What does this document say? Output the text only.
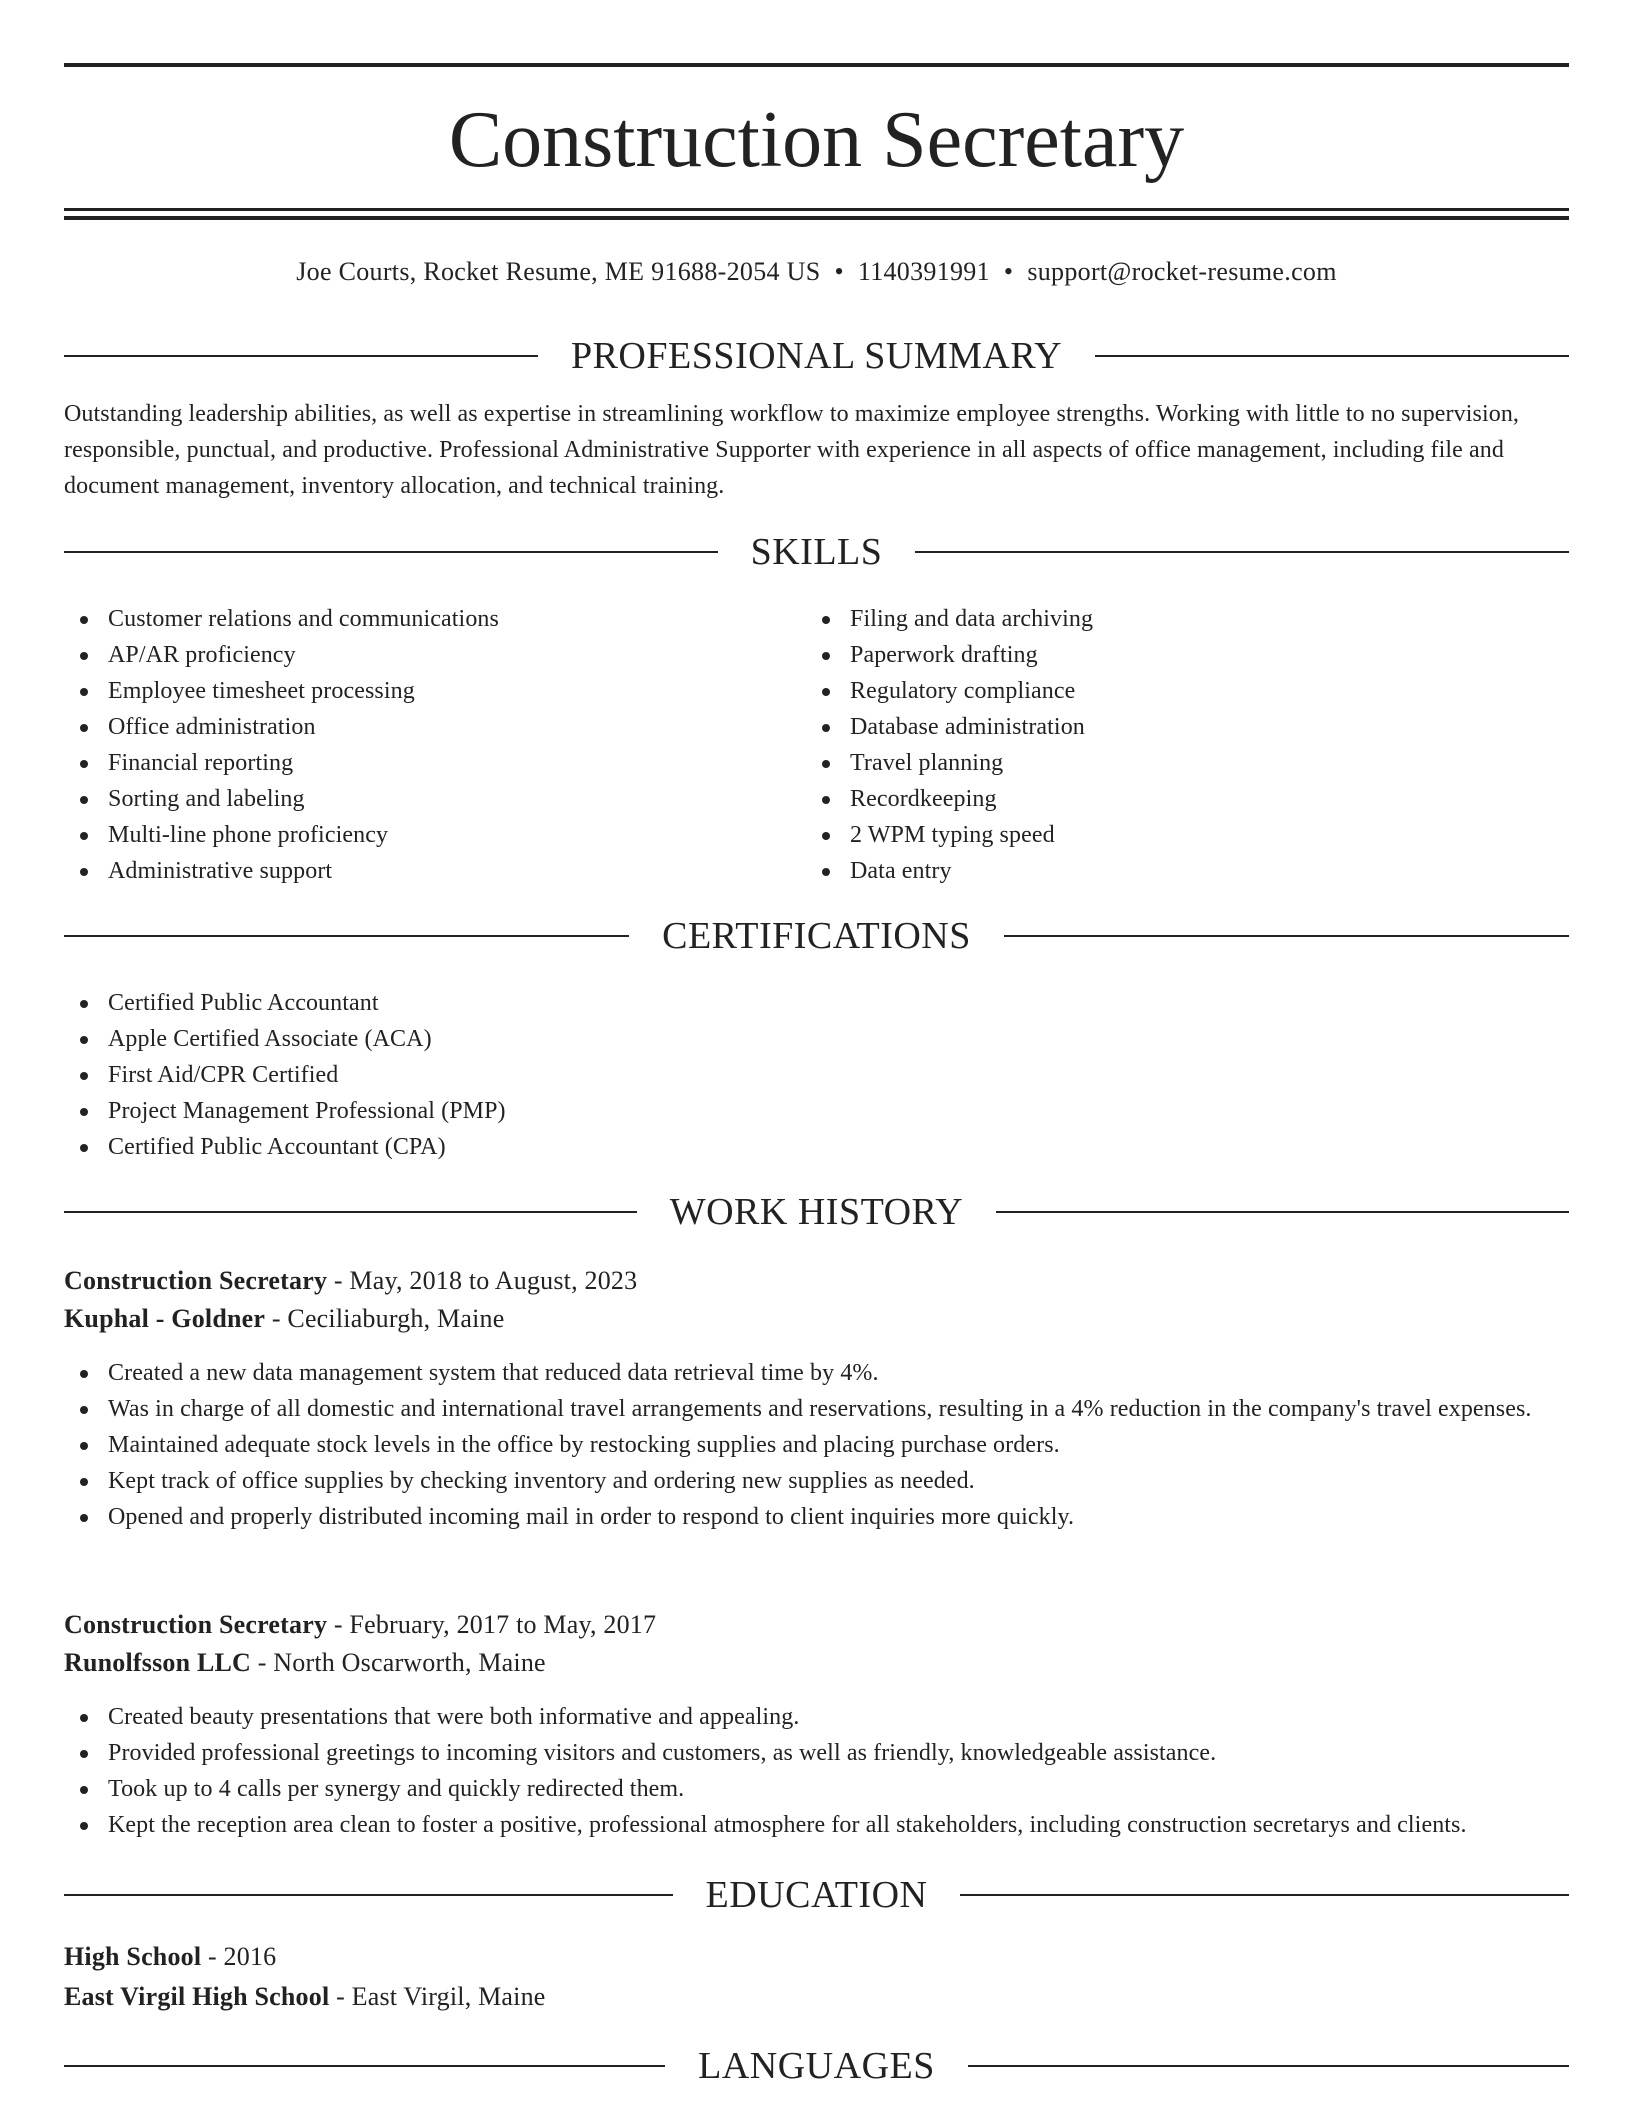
Construction Secretary
Joe Courts, Rocket Resume, ME 91688-2054 US • 1140391991 • support@rocket-resume.com
PROFESSIONAL SUMMARY
Outstanding leadership abilities, as well as expertise in streamlining workflow to maximize employee strengths. Working with little to no supervision, responsible, punctual, and productive. Professional Administrative Supporter with experience in all aspects of office management, including file and document management, inventory allocation, and technical training.
SKILLS
Customer relations and communications
AP/AR proficiency
Employee timesheet processing
Office administration
Financial reporting
Sorting and labeling
Multi-line phone proficiency
Administrative support
Filing and data archiving
Paperwork drafting
Regulatory compliance
Database administration
Travel planning
Recordkeeping
2 WPM typing speed
Data entry
CERTIFICATIONS
Certified Public Accountant
Apple Certified Associate (ACA)
First Aid/CPR Certified
Project Management Professional (PMP)
Certified Public Accountant (CPA)
WORK HISTORY
Construction Secretary - May, 2018 to August, 2023
Kuphal - Goldner - Ceciliaburgh, Maine
Created a new data management system that reduced data retrieval time by 4%.
Was in charge of all domestic and international travel arrangements and reservations, resulting in a 4% reduction in the company's travel expenses.
Maintained adequate stock levels in the office by restocking supplies and placing purchase orders.
Kept track of office supplies by checking inventory and ordering new supplies as needed.
Opened and properly distributed incoming mail in order to respond to client inquiries more quickly.
Construction Secretary - February, 2017 to May, 2017
Runolfsson LLC - North Oscarworth, Maine
Created beauty presentations that were both informative and appealing.
Provided professional greetings to incoming visitors and customers, as well as friendly, knowledgeable assistance.
Took up to 4 calls per synergy and quickly redirected them.
Kept the reception area clean to foster a positive, professional atmosphere for all stakeholders, including construction secretarys and clients.
EDUCATION
High School - 2016
East Virgil High School - East Virgil, Maine
LANGUAGES
